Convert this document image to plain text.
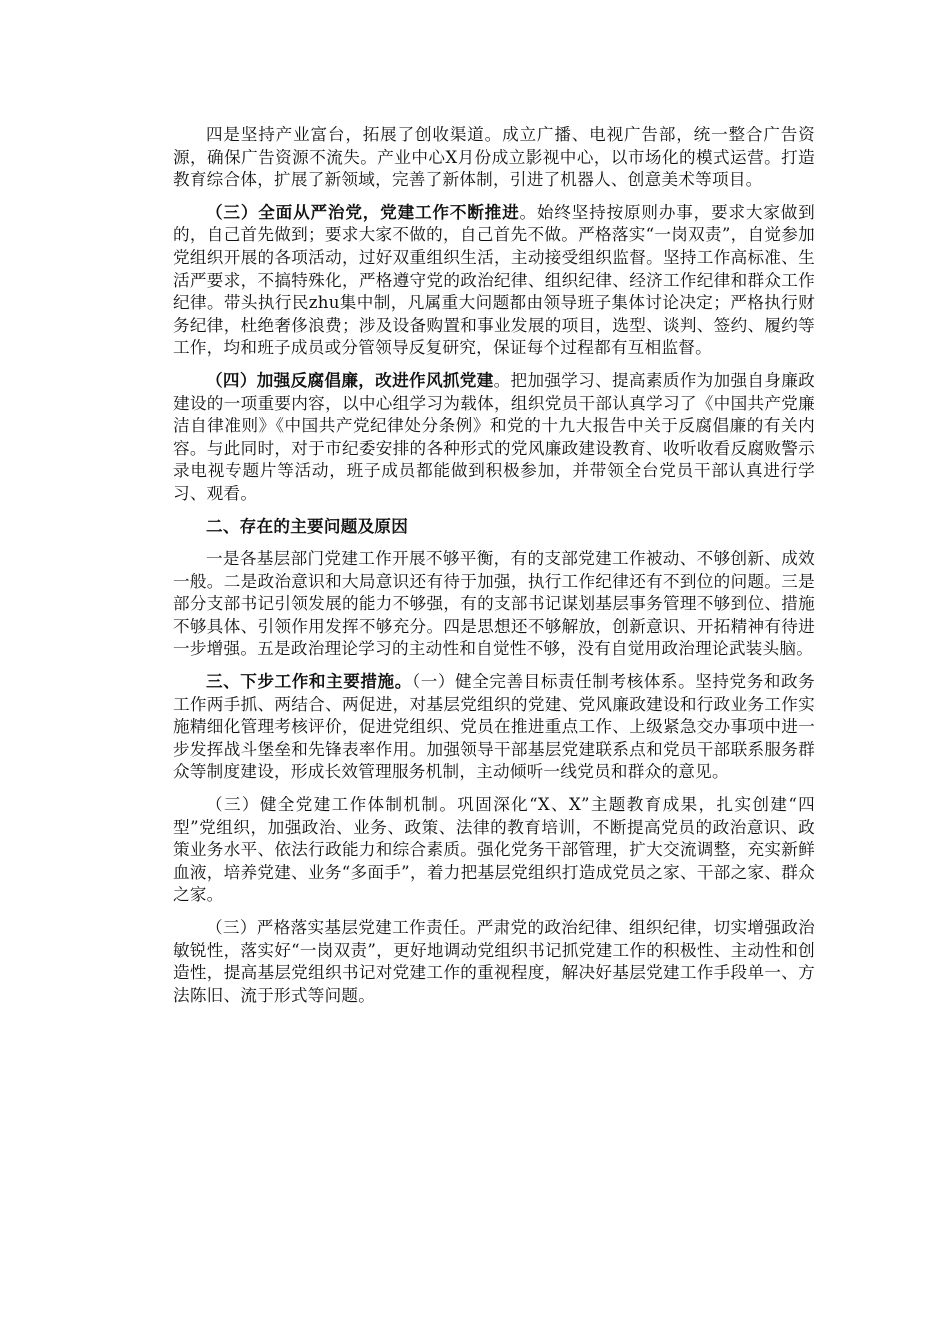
四是坚持产业富台，拓展了创收渠道。成立广播、电视广告部，统一整合广告资源，确保广告资源不流失。产业中心X月份成立影视中心，以市场化的模式运营。打造教育综合体，扩展了新领域，完善了新体制，引进了机器人、创意美术等项目。

（三）全面从严治党，党建工作不断推进。始终坚持按原则办事，要求大家做到的，自己首先做到；要求大家不做的，自己首先不做。严格落实“一岗双责”，自觉参加党组织开展的各项活动，过好双重组织生活，主动接受组织监督。坚持工作高标准、生活严要求，不搞特殊化，严格遵守党的政治纪律、组织纪律、经济工作纪律和群众工作纪律。带头执行民zhu集中制，凡属重大问题都由领导班子集体讨论决定；严格执行财务纪律，杜绝奢侈浪费；涉及设备购置和事业发展的项目，选型、谈判、签约、履约等工作，均和班子成员或分管领导反复研究，保证每个过程都有互相监督。

（四）加强反腐倡廉，改进作风抓党建。把加强学习、提高素质作为加强自身廉政建设的一项重要内容，以中心组学习为载体，组织党员干部认真学习了《中国共产党廉洁自律准则》《中国共产党纪律处分条例》和党的十九大报告中关于反腐倡廉的有关内容。与此同时，对于市纪委安排的各种形式的党风廉政建设教育、收听收看反腐败警示录电视专题片等活动，班子成员都能做到积极参加，并带领全台党员干部认真进行学习、观看。

二、存在的主要问题及原因

一是各基层部门党建工作开展不够平衡，有的支部党建工作被动、不够创新、成效一般。二是政治意识和大局意识还有待于加强，执行工作纪律还有不到位的问题。三是部分支部书记引领发展的能力不够强，有的支部书记谋划基层事务管理不够到位、措施不够具体、引领作用发挥不够充分。四是思想还不够解放，创新意识、开拓精神有待进一步增强。五是政治理论学习的主动性和自觉性不够，没有自觉用政治理论武装头脑。

三、下步工作和主要措施。（一）健全完善目标责任制考核体系。坚持党务和政务工作两手抓、两结合、两促进，对基层党组织的党建、党风廉政建设和行政业务工作实施精细化管理考核评价，促进党组织、党员在推进重点工作、上级紧急交办事项中进一步发挥战斗堡垒和先锋表率作用。加强领导干部基层党建联系点和党员干部联系服务群众等制度建设，形成长效管理服务机制，主动倾听一线党员和群众的意见。

（三）健全党建工作体制机制。巩固深化“X、X”主题教育成果，扎实创建“四型”党组织，加强政治、业务、政策、法律的教育培训，不断提高党员的政治意识、政策业务水平、依法行政能力和综合素质。强化党务干部管理，扩大交流调整，充实新鲜血液，培养党建、业务“多面手”，着力把基层党组织打造成党员之家、干部之家、群众之家。

（三）严格落实基层党建工作责任。严肃党的政治纪律、组织纪律，切实增强政治敏锐性，落实好“一岗双责”，更好地调动党组织书记抓党建工作的积极性、主动性和创造性，提高基层党组织书记对党建工作的重视程度，解决好基层党建工作手段单一、方法陈旧、流于形式等问题。
